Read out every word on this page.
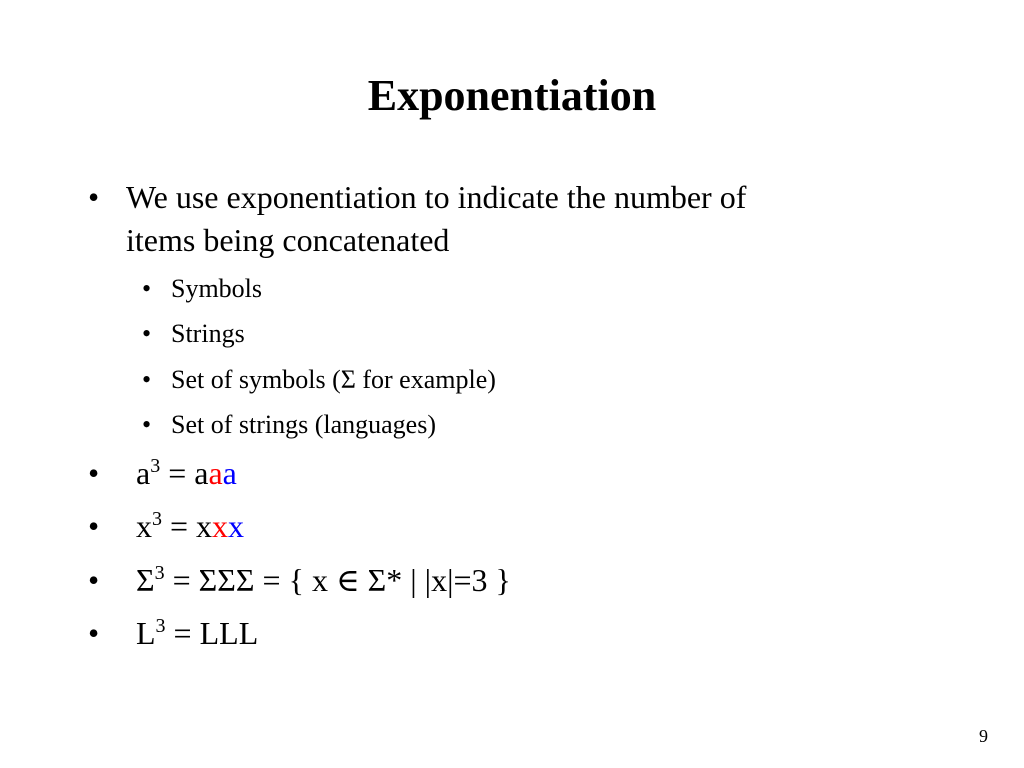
Exponentiation
• We use exponentiation to indicate the number of
items being concatenated
• Symbols
• Strings
• Set of symbols (Σ for example)
• Set of strings (languages)
• $a^3$ = aaa
• $x^3$ = xxx
• $\Sigma^3 = \Sigma\Sigma\Sigma$ = { x ∈ Σ* | |x|=3 }
• $L^3$ = LLL
9
